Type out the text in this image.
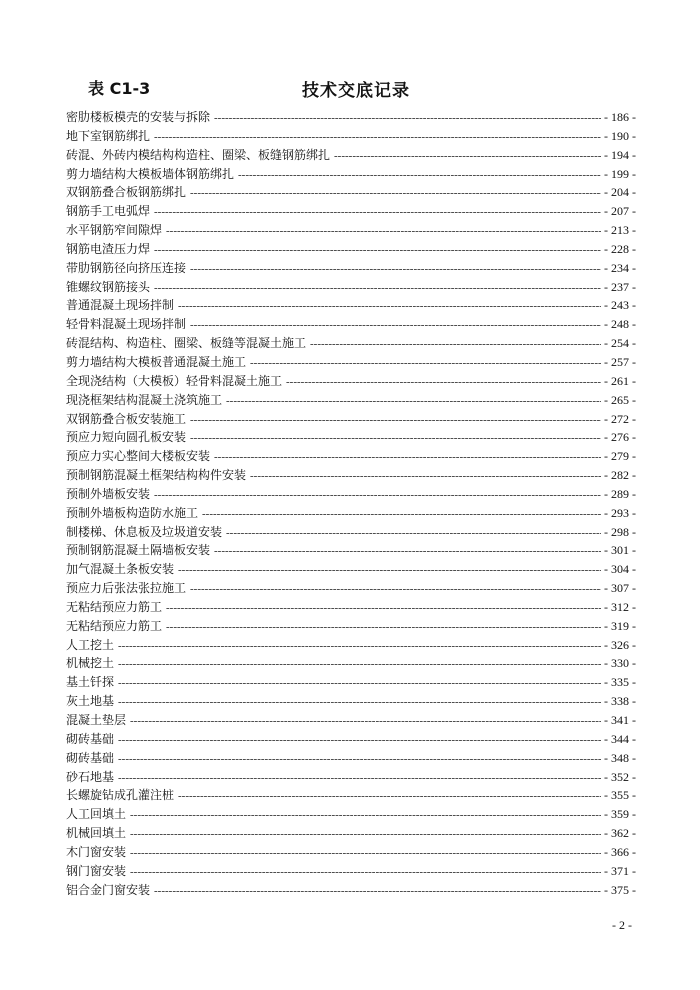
表 C1-3	技术交底记录
密肋楼板模壳的安装与拆除 -----	- 186 -
地下室钢筋绑扎 -----	- 190 -
砖混、外砖内模结构构造柱、圈梁、板缝钢筋绑扎 -----	- 194 -
剪力墙结构大模板墙体钢筋绑扎 -----	- 199 -
双钢筋叠合板钢筋绑扎 -----	- 204 -
钢筋手工电弧焊 -----	- 207 -
水平钢筋窄间隙焊 -----	- 213 -
钢筋电渣压力焊 -----	- 228 -
带肋钢筋径向挤压连接 -----	- 234 -
锥螺纹钢筋接头 -----	- 237 -
普通混凝土现场拌制 -----	- 243 -
轻骨料混凝土现场拌制 -----	- 248 -
砖混结构、构造柱、圈梁、板缝等混凝土施工 -----	- 254 -
剪力墙结构大模板普通混凝土施工 -----	- 257 -
全现浇结构（大模板）轻骨料混凝土施工 -----	- 261 -
现浇框架结构混凝土浇筑施工 -----	- 265 -
双钢筋叠合板安装施工 -----	- 272 -
预应力短向圆孔板安装 -----	- 276 -
预应力实心整间大楼板安装 -----	- 279 -
预制钢筋混凝土框架结构构件安装 -----	- 282 -
预制外墙板安装 -----	- 289 -
预制外墙板构造防水施工 -----	- 293 -
制楼梯、休息板及垃圾道安装 -----	- 298 -
预制钢筋混凝土隔墙板安装 -----	- 301 -
加气混凝土条板安装 -----	- 304 -
预应力后张法张拉施工 -----	- 307 -
无粘结预应力筋工 -----	- 312 -
无粘结预应力筋工 -----	- 319 -
人工挖土 -----	- 326 -
机械挖土 -----	- 330 -
基土钎探 -----	- 335 -
灰土地基 -----	- 338 -
混凝土垫层 -----	- 341 -
砌砖基础 -----	- 344 -
砌砖基础 -----	- 348 -
砂石地基 -----	- 352 -
长螺旋钻成孔灌注桩 -----	- 355 -
人工回填土 -----	- 359 -
机械回填土 -----	- 362 -
木门窗安装 -----	- 366 -
钢门窗安装 -----	- 371 -
铝合金门窗安装 -----	- 375 -
- 2 -
